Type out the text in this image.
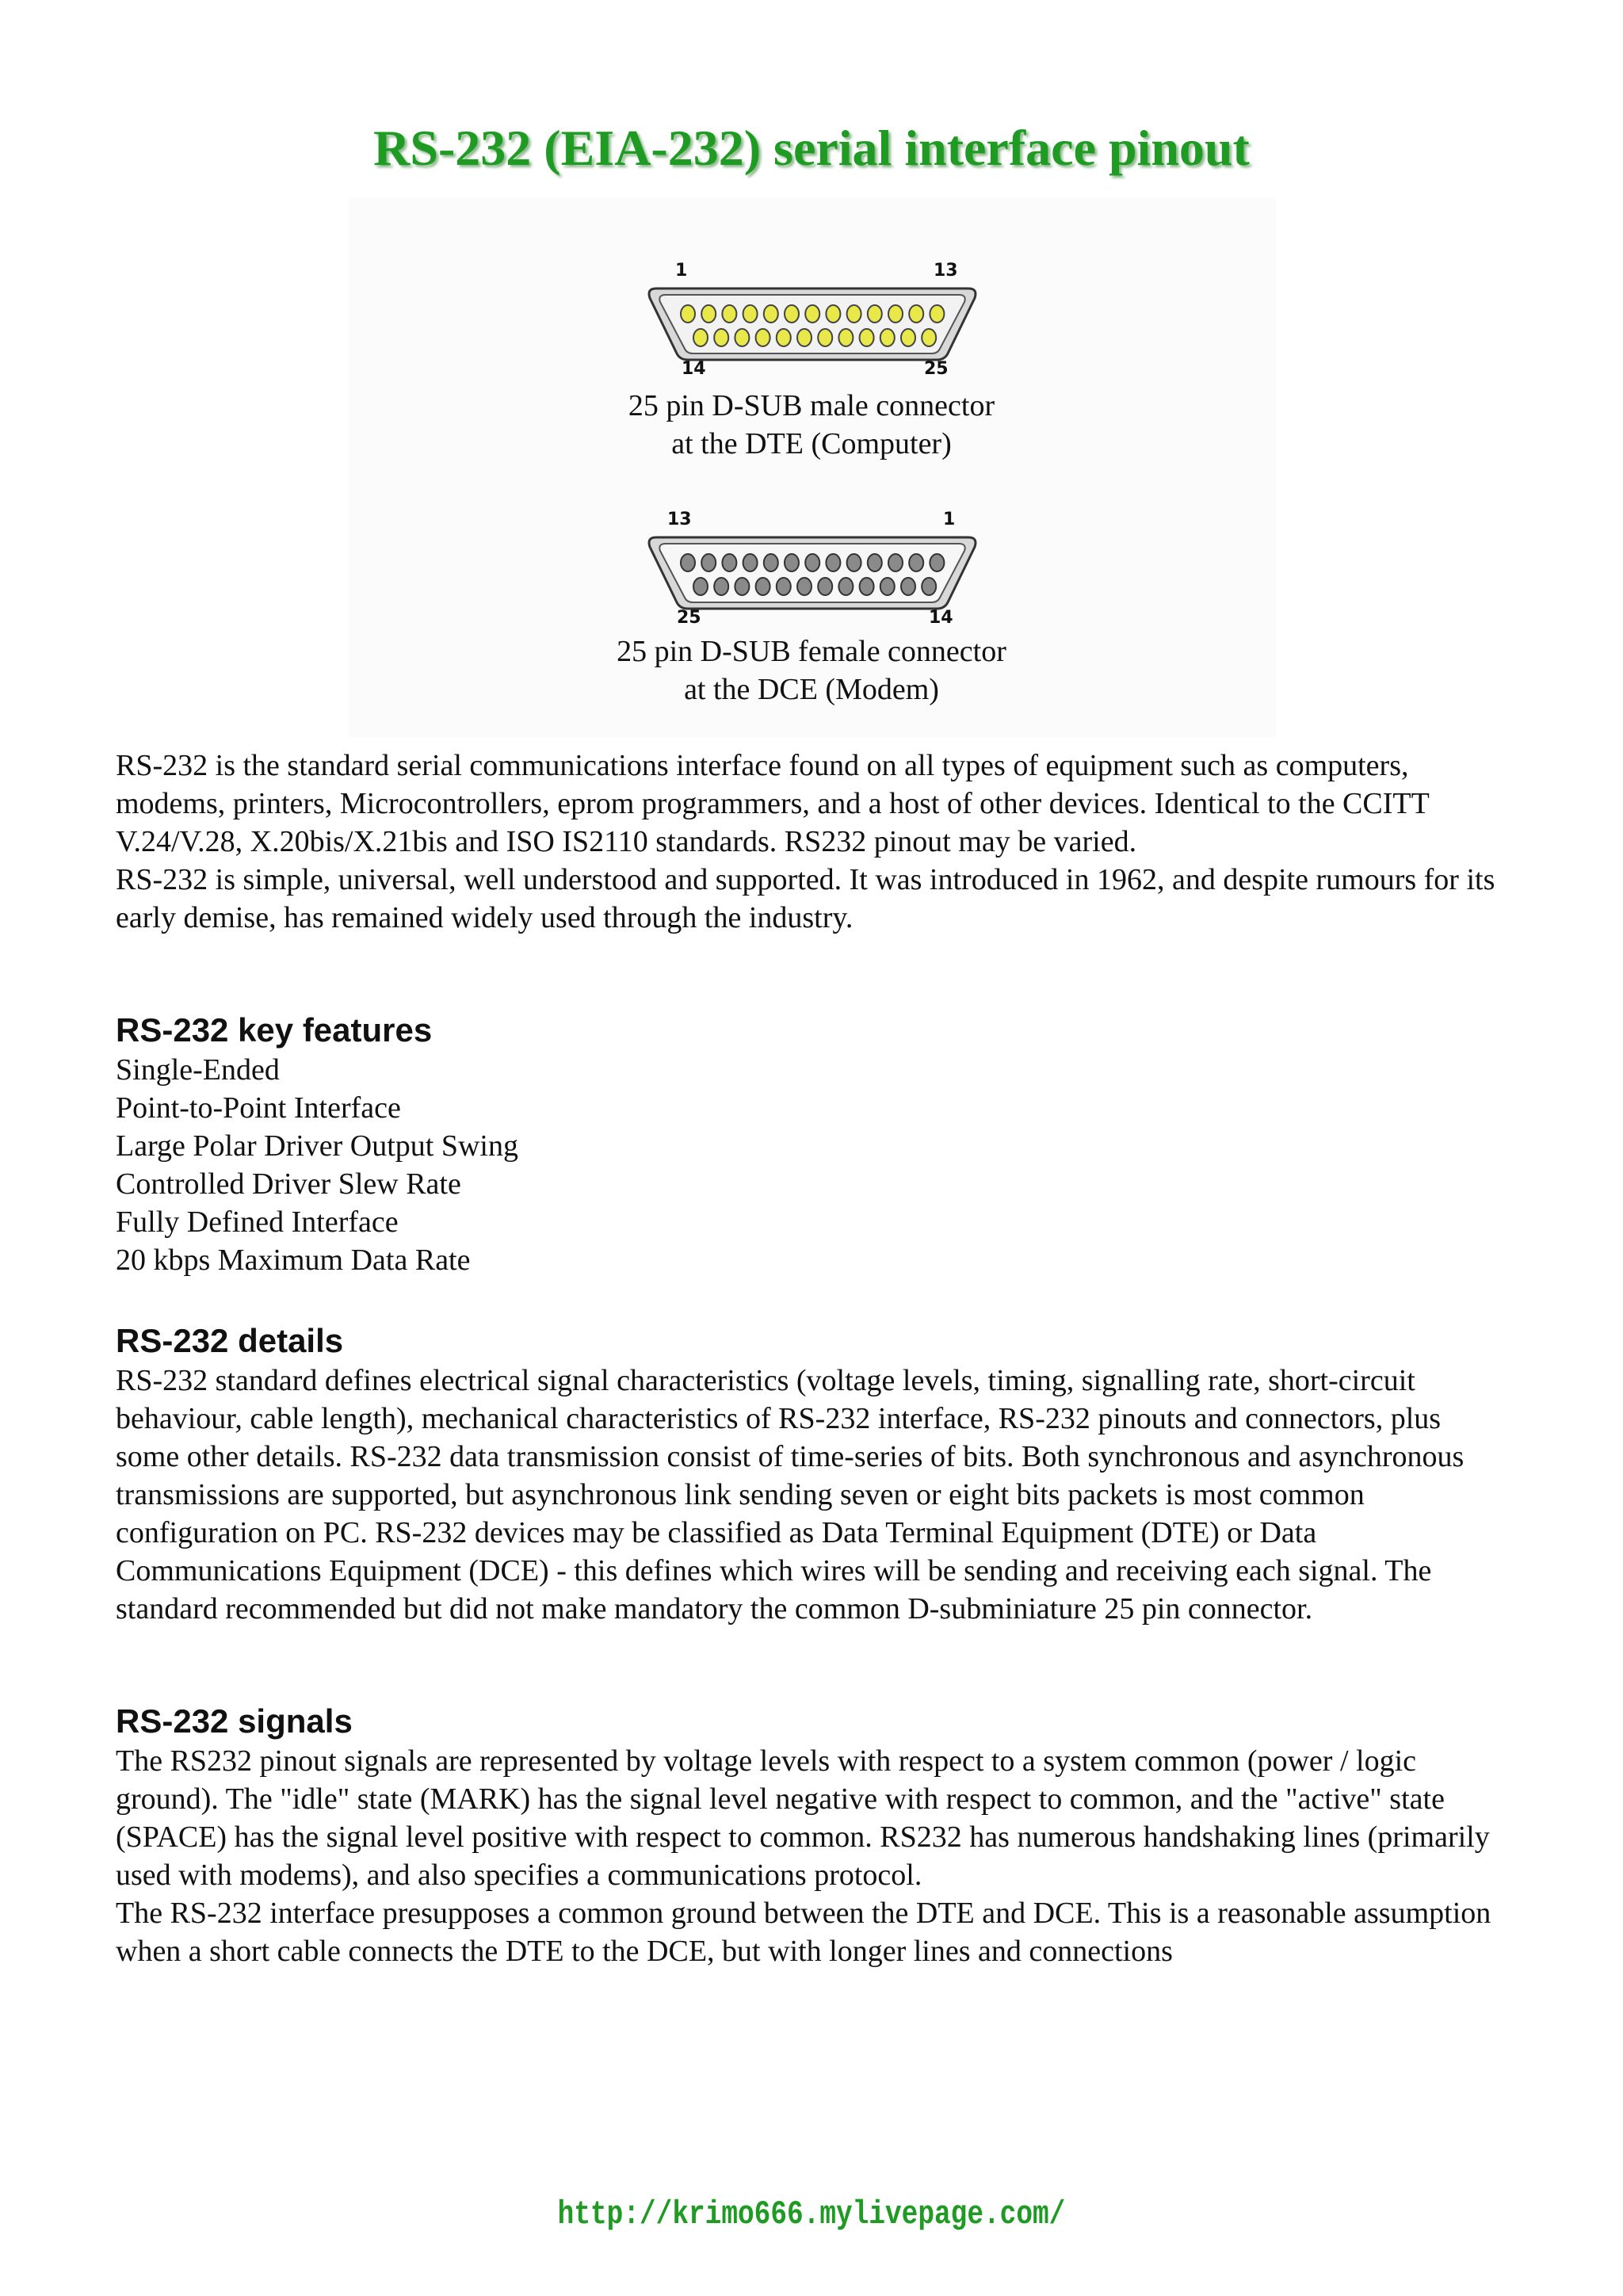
RS-232 (EIA-232) serial interface pinout
1	13
14	25
25 pin D-SUB male connector
at the DTE (Computer)
13	1
25	14
25 pin D-SUB female connector
at the DCE (Modem)

RS-232 is the standard serial communications interface found on all types of equipment such as computers, modems, printers, Microcontrollers, eprom programmers, and a host of other devices. Identical to the CCITT V.24/V.28, X.20bis/X.21bis and ISO IS2110 standards. RS232 pinout may be varied.

RS-232 is simple, universal, well understood and supported. It was introduced in 1962, and despite rumours for its early demise, has remained widely used through the industry.

RS-232 key features
Single-Ended
Point-to-Point Interface
Large Polar Driver Output Swing
Controlled Driver Slew Rate
Fully Defined Interface
20 kbps Maximum Data Rate
RS-232 details

RS-232 standard defines electrical signal characteristics (voltage levels, timing, signalling rate, short-circuit behaviour, cable length), mechanical characteristics of RS-232 interface, RS-232 pinouts and connectors, plus some other details. RS-232 data transmission consist of time-series of bits. Both synchronous and asynchronous transmissions are supported, but asynchronous link sending seven or eight bits packets is most common configuration on PC. RS-232 devices may be classified as Data Terminal Equipment (DTE) or Data Communications Equipment (DCE) - this defines which wires will be sending and receiving each signal. The standard recommended but did not make mandatory the common D-subminiature 25 pin connector.

RS-232 signals

The RS232 pinout signals are represented by voltage levels with respect to a system common (power / logic ground). The "idle" state (MARK) has the signal level negative with respect to common, and the "active" state (SPACE) has the signal level positive with respect to common. RS232 has numerous handshaking lines (primarily used with modems), and also specifies a communications protocol.

The RS-232 interface presupposes a common ground between the DTE and DCE. This is a reasonable assumption when a short cable connects the DTE to the DCE, but with longer lines and connections

http://krimo666.mylivepage.com/
